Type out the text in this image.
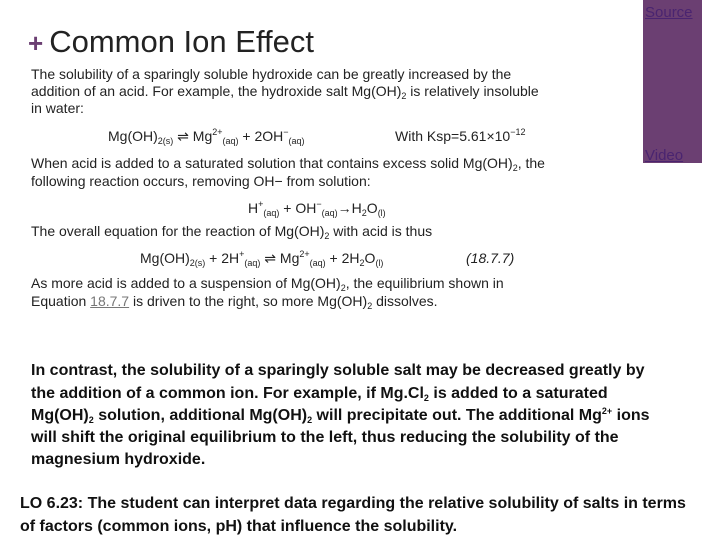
Source
Video
+ Common Ion Effect
The solubility of a sparingly soluble hydroxide can be greatly increased by the
addition of an acid. For example, the hydroxide salt $Mg(OH)_2$ is relatively insoluble
in water:
$Mg(OH)_{2(s)}$ ⇌ $Mg^{2+}_{(aq)} + 2OH^-_{(aq)}$	With $Ksp=5.61\times 10^{-12}$
When acid is added to a saturated solution that contains excess solid $Mg(OH)_2$, the
following reaction occurs, removing OH− from solution:
$H^+_{(aq)} + OH^-_{(aq)}\to H_2O_{(l)}$
The overall equation for the reaction of $Mg(OH)_2$ with acid is thus
$Mg(OH)_{2(s)} + 2H^+_{(aq)}$ ⇌ $Mg^{2+}_{(aq)} + 2H_2O_{(l)}$	(18.7.7)
As more acid is added to a suspension of $Mg(OH)_2$, the equilibrium shown in
Equation 18.7.7 is driven to the right, so more $Mg(OH)_2$ dissolves.
In contrast, the solubility of a sparingly soluble salt may be decreased greatly by
the addition of a common ion. For example, if $Mg.Cl_2$ is added to a saturated
$Mg(OH)_2$ solution, additional $Mg(OH)_2$ will precipitate out. The additional $Mg^{2+}$ ions
will shift the original equilibrium to the left, thus reducing the solubility of the
magnesium hydroxide.
LO 6.23: The student can interpret data regarding the relative solubility of salts in terms
of factors (common ions, pH) that influence the solubility.
